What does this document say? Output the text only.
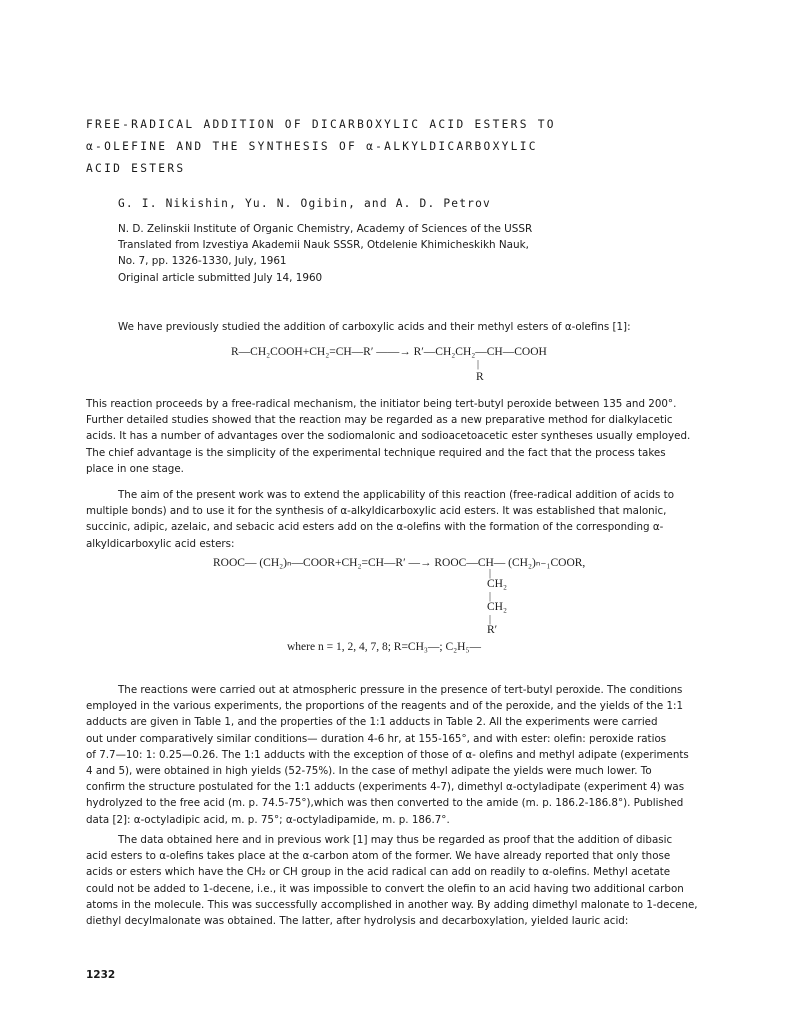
FREE-RADICAL ADDITION OF DICARBOXYLIC ACID ESTERS TO
α-OLEFINE AND THE SYNTHESIS OF α-ALKYLDICARBOXYLIC
ACID ESTERS
G. I. Nikishin, Yu. N. Ogibin, and A. D. Petrov
N. D. Zelinskii Institute of Organic Chemistry, Academy of Sciences of the USSR
Translated from Izvestiya Akademii Nauk SSSR, Otdelenie Khimicheskikh Nauk,
No. 7, pp. 1326-1330, July, 1961
Original article submitted July 14, 1960
We have previously studied the addition of carboxylic acids and their methyl esters of α-olefins [1]:
R—CH₂COOH+CH₂=CH—R′ ——→ R′—CH₂CH₂—CH—COOH
|
R
This reaction proceeds by a free-radical mechanism, the initiator being tert-butyl peroxide between 135 and 200°.
Further detailed studies showed that the reaction may be regarded as a new preparative method for dialkylacetic
acids. It has a number of advantages over the sodiomalonic and sodioacetoacetic ester syntheses usually employed.
The chief advantage is the simplicity of the experimental technique required and the fact that the process takes
place in one stage.
The aim of the present work was to extend the applicability of this reaction (free-radical addition of acids to
multiple bonds) and to use it for the synthesis of α-alkyldicarboxylic acid esters. It was established that malonic,
succinic, adipic, azelaic, and sebacic acid esters add on the α-olefins with the formation of the corresponding α-
alkyldicarboxylic acid esters:
ROOC— (CH₂)ₙ—COOR+CH₂=CH—R′ —→ ROOC—CH— (CH₂)ₙ₋₁COOR,
|
CH₂
|
CH₂
|
R′
where n = 1, 2, 4, 7, 8; R=CH₃—; C₂H₅—
The reactions were carried out at atmospheric pressure in the presence of tert-butyl peroxide. The conditions
employed in the various experiments, the proportions of the reagents and of the peroxide, and the yields of the 1:1
adducts are given in Table 1, and the properties of the 1:1 adducts in Table 2. All the experiments were carried
out under comparatively similar conditions— duration 4-6 hr, at 155-165°, and with ester: olefin: peroxide ratios
of 7.7—10: 1: 0.25—0.26. The 1:1 adducts with the exception of those of α- olefins and methyl adipate (experiments
4 and 5), were obtained in high yields (52-75%). In the case of methyl adipate the yields were much lower. To
confirm the structure postulated for the 1:1 adducts (experiments 4-7), dimethyl α-octyladipate (experiment 4) was
hydrolyzed to the free acid (m. p. 74.5-75°),which was then converted to the amide (m. p. 186.2-186.8°). Published
data [2]: α-octyladipic acid, m. p. 75°; α-octyladipamide, m. p. 186.7°.
The data obtained here and in previous work [1] may thus be regarded as proof that the addition of dibasic
acid esters to α-olefins takes place at the α-carbon atom of the former. We have already reported that only those
acids or esters which have the CH₂ or CH group in the acid radical can add on readily to α-olefins. Methyl acetate
could not be added to 1-decene, i.e., it was impossible to convert the olefin to an acid having two additional carbon
atoms in the molecule. This was successfully accomplished in another way. By adding dimethyl malonate to 1-decene,
diethyl decylmalonate was obtained. The latter, after hydrolysis and decarboxylation, yielded lauric acid:
1232
